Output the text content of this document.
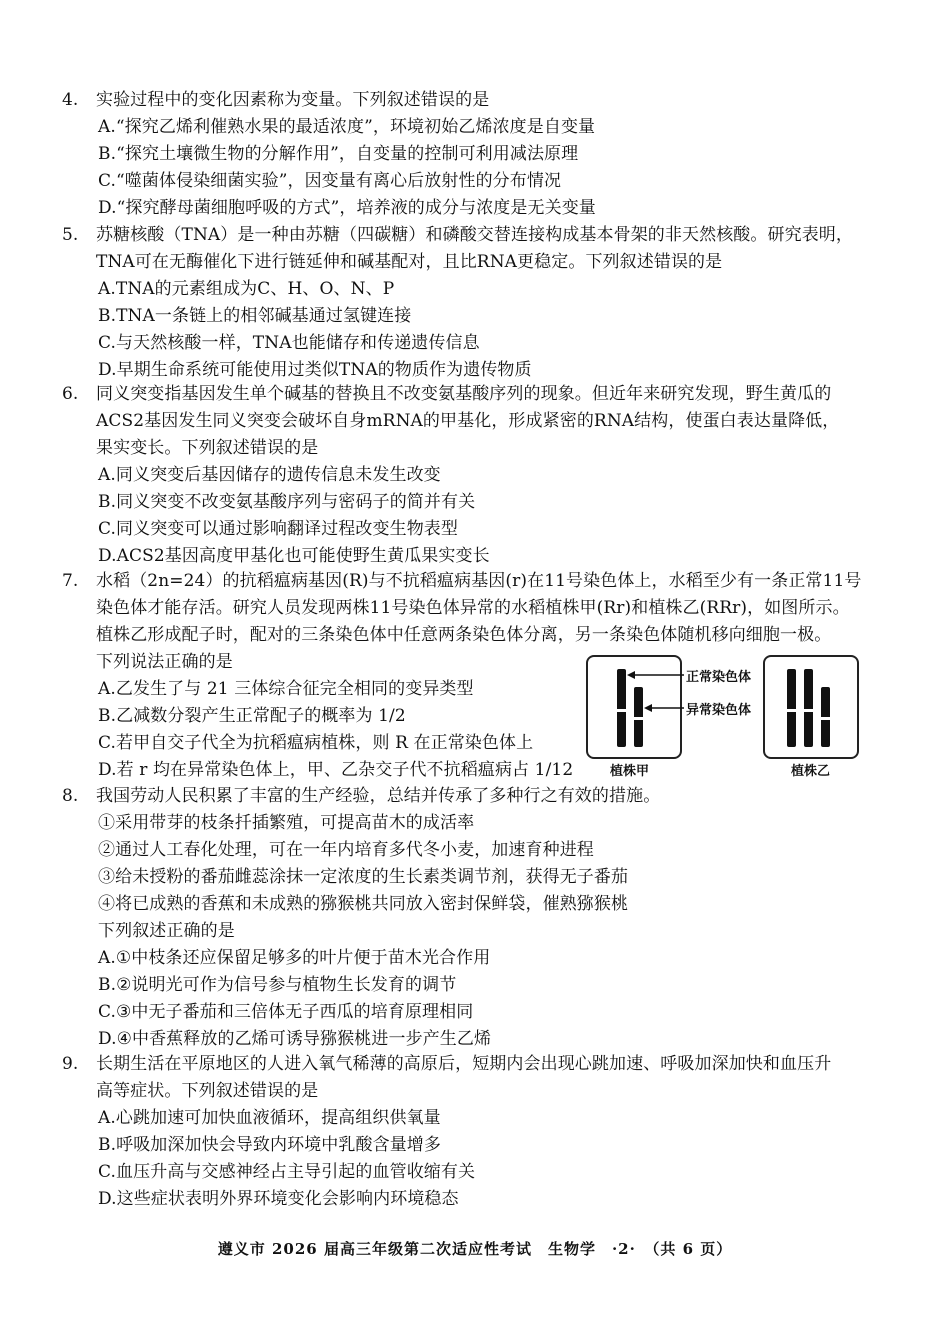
4. 实验过程中的变化因素称为变量。下列叙述错误的是
A.“探究乙烯利催熟水果的最适浓度”，环境初始乙烯浓度是自变量
B.“探究土壤微生物的分解作用”，自变量的控制可利用减法原理
C.“噬菌体侵染细菌实验”，因变量有离心后放射性的分布情况
D.“探究酵母菌细胞呼吸的方式”，培养液的成分与浓度是无关变量
5. 苏糖核酸（TNA）是一种由苏糖（四碳糖）和磷酸交替连接构成基本骨架的非天然核酸。研究表明，
TNA可在无酶催化下进行链延伸和碱基配对，且比RNA更稳定。下列叙述错误的是
A.TNA的元素组成为C、H、O、N、P
B.TNA一条链上的相邻碱基通过氢键连接
C.与天然核酸一样，TNA也能储存和传递遗传信息
D.早期生命系统可能使用过类似TNA的物质作为遗传物质
6. 同义突变指基因发生单个碱基的替换且不改变氨基酸序列的现象。但近年来研究发现，野生黄瓜的
ACS2基因发生同义突变会破坏自身mRNA的甲基化，形成紧密的RNA结构，使蛋白表达量降低，
果实变长。下列叙述错误的是
A.同义突变后基因储存的遗传信息未发生改变
B.同义突变不改变氨基酸序列与密码子的简并有关
C.同义突变可以通过影响翻译过程改变生物表型
D.ACS2基因高度甲基化也可能使野生黄瓜果实变长
7. 水稻（2n=24）的抗稻瘟病基因(R)与不抗稻瘟病基因(r)在11号染色体上，水稻至少有一条正常11号
染色体才能存活。研究人员发现两株11号染色体异常的水稻植株甲(Rr)和植株乙(RRr)，如图所示。
植株乙形成配子时，配对的三条染色体中任意两条染色体分离，另一条染色体随机移向细胞一极。
下列说法正确的是
A.乙发生了与 21 三体综合征完全相同的变异类型
B.乙减数分裂产生正常配子的概率为 1/2
C.若甲自交子代全为抗稻瘟病植株，则 R 在正常染色体上
D.若 r 均在异常染色体上，甲、乙杂交子代不抗稻瘟病占 1/12
正常染色体
异常染色体
植株甲	植株乙
8. 我国劳动人民积累了丰富的生产经验，总结并传承了多种行之有效的措施。
①采用带芽的枝条扦插繁殖，可提高苗木的成活率
②通过人工春化处理，可在一年内培育多代冬小麦，加速育种进程
③给未授粉的番茄雌蕊涂抹一定浓度的生长素类调节剂，获得无子番茄
④将已成熟的香蕉和未成熟的猕猴桃共同放入密封保鲜袋，催熟猕猴桃
下列叙述正确的是
A.①中枝条还应保留足够多的叶片便于苗木光合作用
B.②说明光可作为信号参与植物生长发育的调节
C.③中无子番茄和三倍体无子西瓜的培育原理相同
D.④中香蕉释放的乙烯可诱导猕猴桃进一步产生乙烯
9. 长期生活在平原地区的人进入氧气稀薄的高原后，短期内会出现心跳加速、呼吸加深加快和血压升
高等症状。下列叙述错误的是
A.心跳加速可加快血液循环，提高组织供氧量
B.呼吸加深加快会导致内环境中乳酸含量增多
C.血压升高与交感神经占主导引起的血管收缩有关
D.这些症状表明外界环境变化会影响内环境稳态
遵义市 2026 届高三年级第二次适应性考试　生物学　·2·　（共 6 页）
